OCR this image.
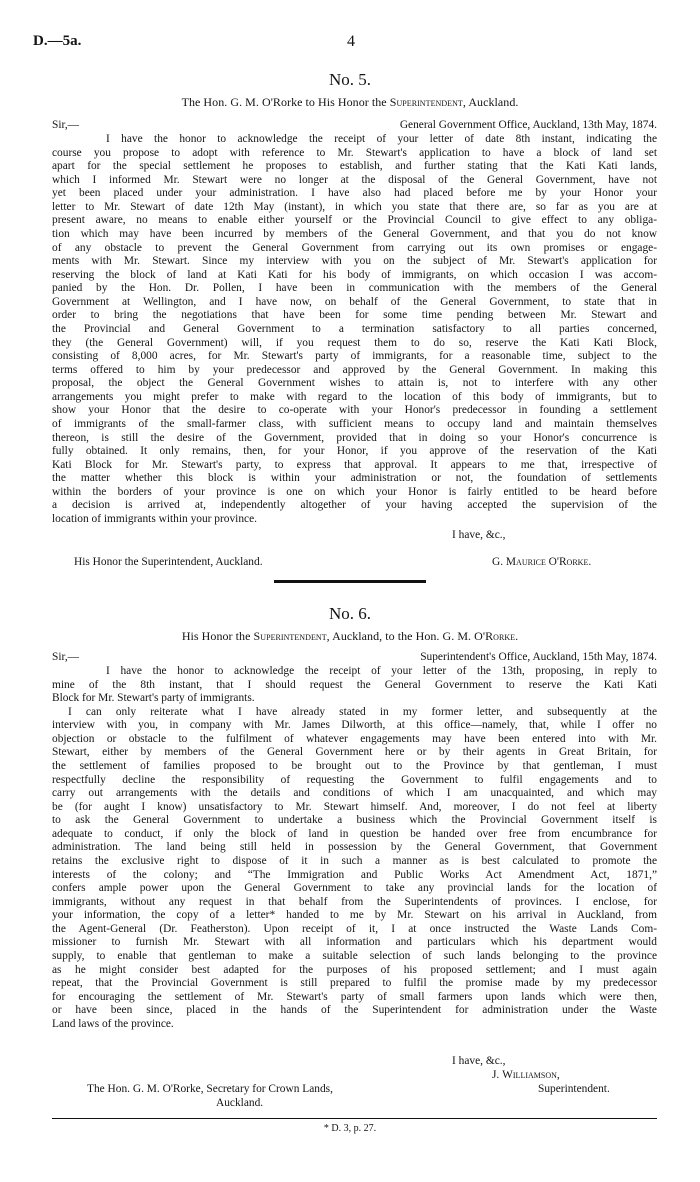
D.—5a.	4
No. 5.
The Hon. G. M. O'Rorke to His Honor the Superintendent, Auckland.
Sir,—	General Government Office, Auckland, 13th May, 1874.
I have the honor to acknowledge the receipt of your letter of date 8th instant, indicating the
course you propose to adopt with reference to Mr. Stewart's application to have a block of land set
apart for the special settlement he proposes to establish, and further stating that the Kati Kati lands,
which I informed Mr. Stewart were no longer at the disposal of the General Government, have not
yet been placed under your administration. I have also had placed before me by your Honor your
letter to Mr. Stewart of date 12th May (instant), in which you state that there are, so far as you are at
present aware, no means to enable either yourself or the Provincial Council to give effect to any obliga-
tion which may have been incurred by members of the General Government, and that you do not know
of any obstacle to prevent the General Government from carrying out its own promises or engage-
ments with Mr. Stewart. Since my interview with you on the subject of Mr. Stewart's application for
reserving the block of land at Kati Kati for his body of immigrants, on which occasion I was accom-
panied by the Hon. Dr. Pollen, I have been in communication with the members of the General
Government at Wellington, and I have now, on behalf of the General Government, to state that in
order to bring the negotiations that have been for some time pending between Mr. Stewart and
the Provincial and General Government to a termination satisfactory to all parties concerned,
they (the General Government) will, if you request them to do so, reserve the Kati Kati Block,
consisting of 8,000 acres, for Mr. Stewart's party of immigrants, for a reasonable time, subject to the
terms offered to him by your predecessor and approved by the General Government. In making this
proposal, the object the General Government wishes to attain is, not to interfere with any other
arrangements you might prefer to make with regard to the location of this body of immigrants, but to
show your Honor that the desire to co-operate with your Honor's predecessor in founding a settlement
of immigrants of the small-farmer class, with sufficient means to occupy land and maintain themselves
thereon, is still the desire of the Government, provided that in doing so your Honor's concurrence is
fully obtained. It only remains, then, for your Honor, if you approve of the reservation of the Kati
Kati Block for Mr. Stewart's party, to express that approval. It appears to me that, irrespective of
the matter whether this block is within your administration or not, the foundation of settlements
within the borders of your province is one on which your Honor is fairly entitled to be heard before
a decision is arrived at, independently altogether of your having accepted the supervision of the
location of immigrants within your province.
I have, &c.,
His Honor the Superintendent, Auckland.	G. Maurice O'Rorke.
No. 6.
His Honor the Superintendent, Auckland, to the Hon. G. M. O'Rorke.
Sir,—	Superintendent's Office, Auckland, 15th May, 1874.
I have the honor to acknowledge the receipt of your letter of the 13th, proposing, in reply to
mine of the 8th instant, that I should request the General Government to reserve the Kati Kati
Block for Mr. Stewart's party of immigrants.
I can only reiterate what I have already stated in my former letter, and subsequently at the
interview with you, in company with Mr. James Dilworth, at this office—namely, that, while I offer no
objection or obstacle to the fulfilment of whatever engagements may have been entered into with Mr.
Stewart, either by members of the General Government here or by their agents in Great Britain, for
the settlement of families proposed to be brought out to the Province by that gentleman, I must
respectfully decline the responsibility of requesting the Government to fulfil engagements and to
carry out arrangements with the details and conditions of which I am unacquainted, and which may
be (for aught I know) unsatisfactory to Mr. Stewart himself. And, moreover, I do not feel at liberty
to ask the General Government to undertake a business which the Provincial Government itself is
adequate to conduct, if only the block of land in question be handed over free from encumbrance for
administration. The land being still held in possession by the General Government, that Government
retains the exclusive right to dispose of it in such a manner as is best calculated to promote the
interests of the colony; and “The Immigration and Public Works Act Amendment Act, 1871,”
confers ample power upon the General Government to take any provincial lands for the location of
immigrants, without any request in that behalf from the Superintendents of provinces. I enclose, for
your information, the copy of a letter* handed to me by Mr. Stewart on his arrival in Auckland, from
the Agent-General (Dr. Featherston). Upon receipt of it, I at once instructed the Waste Lands Com-
missioner to furnish Mr. Stewart with all information and particulars which his department would
supply, to enable that gentleman to make a suitable selection of such lands belonging to the province
as he might consider best adapted for the purposes of his proposed settlement; and I must again
repeat, that the Provincial Government is still prepared to fulfil the promise made by my predecessor
for encouraging the settlement of Mr. Stewart's party of small farmers upon lands which were then,
or have been since, placed in the hands of the Superintendent for administration under the Waste
Land laws of the province.
I have, &c.,
J. Williamson,
The Hon. G. M. O'Rorke, Secretary for Crown Lands,	Superintendent.
Auckland.
* D. 3, p. 27.
